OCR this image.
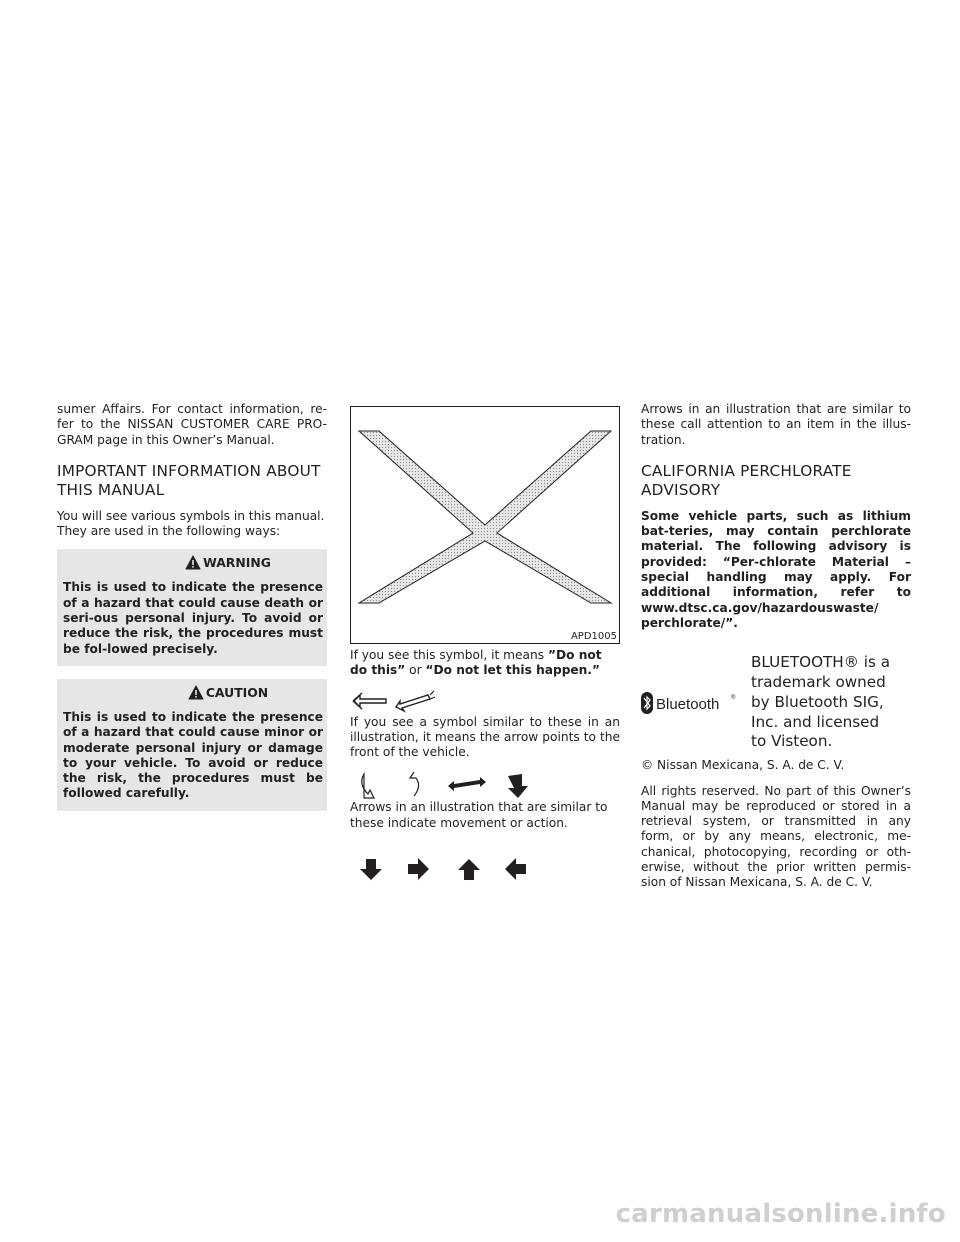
sumer Affairs. For contact information, re-fer to the NISSAN CUSTOMER CARE PRO-GRAM page in this Owner’s Manual.

IMPORTANT INFORMATION ABOUT
THIS MANUAL

You will see various symbols in this manual. They are used in the following ways:

WARNING

This is used to indicate the presence of a hazard that could cause death or seri-ous personal injury. To avoid or reduce the risk, the procedures must be fol-lowed precisely.

CAUTION

This is used to indicate the presence of a hazard that could cause minor or moderate personal injury or damage to your vehicle. To avoid or reduce the risk, the procedures must be followed carefully.

APD1005

If you see this symbol, it means ”Do not do this” or “Do not let this happen.”

If you see a symbol similar to these in an illustration, it means the arrow points to the front of the vehicle.

Arrows in an illustration that are similar to these indicate movement or action.

Arrows in an illustration that are similar to these call attention to an item in the illus-tration.

CALIFORNIA PERCHLORATE
ADVISORY

Some vehicle parts, such as lithium bat-teries, may contain perchlorate material. The following advisory is provided: “Per-chlorate Material – special handling may apply. For additional information, refer to www.dtsc.ca.gov/hazardouswaste/ perchlorate/”.

Bluetooth ®
BLUETOOTH® is a
trademark owned
by Bluetooth SIG,
Inc. and licensed
to Visteon.

© Nissan Mexicana, S. A. de C. V.

All rights reserved. No part of this Owner’s Manual may be reproduced or stored in a retrieval system, or transmitted in any form, or by any means, electronic, me-chanical, photocopying, recording or oth-erwise, without the prior written permis-sion of Nissan Mexicana, S. A. de C. V.

carmanualsonline.info
